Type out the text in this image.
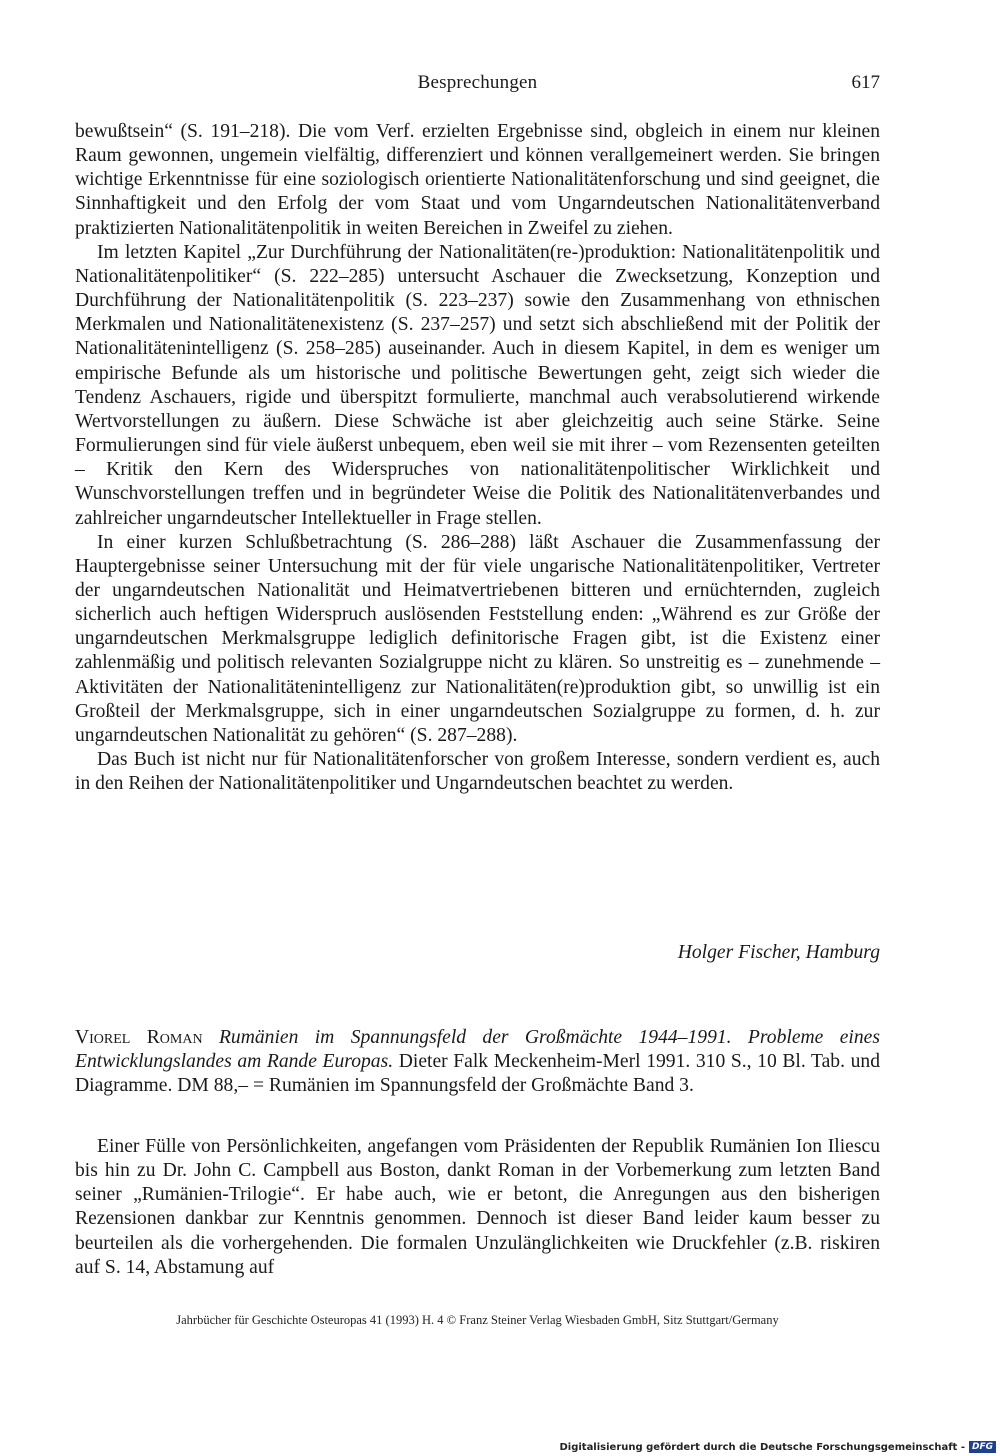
Besprechungen	617

bewußtsein“ (S. 191–218). Die vom Verf. erzielten Ergebnisse sind, obgleich in einem nur kleinen Raum gewonnen, ungemein vielfältig, differenziert und können verallgemeinert werden. Sie bringen wichtige Erkenntnisse für eine soziologisch orientierte Nationalitätenforschung und sind geeignet, die Sinnhaftigkeit und den Erfolg der vom Staat und vom Ungarndeutschen Nationalitätenverband praktizierten Nationalitätenpolitik in weiten Bereichen in Zweifel zu ziehen.

Im letzten Kapitel „Zur Durchführung der Nationalitäten(re-)produktion: Nationalitätenpolitik und Nationalitätenpolitiker“ (S. 222–285) untersucht Aschauer die Zwecksetzung, Konzeption und Durchführung der Nationalitätenpolitik (S. 223–237) sowie den Zusammenhang von ethnischen Merkmalen und Nationalitätenexistenz (S. 237–257) und setzt sich abschließend mit der Politik der Nationalitätenintelligenz (S. 258–285) auseinander. Auch in diesem Kapitel, in dem es weniger um empirische Befunde als um historische und politische Bewertungen geht, zeigt sich wieder die Tendenz Aschauers, rigide und überspitzt formulierte, manchmal auch verabsolutierend wirkende Wertvorstellungen zu äußern. Diese Schwäche ist aber gleichzeitig auch seine Stärke. Seine Formulierungen sind für viele äußerst unbequem, eben weil sie mit ihrer – vom Rezensenten geteilten – Kritik den Kern des Widerspruches von nationalitätenpolitischer Wirklichkeit und Wunschvorstellungen treffen und in begründeter Weise die Politik des Nationalitätenverbandes und zahlreicher ungarndeutscher Intellektueller in Frage stellen.

In einer kurzen Schlußbetrachtung (S. 286–288) läßt Aschauer die Zusammenfassung der Hauptergebnisse seiner Untersuchung mit der für viele ungarische Nationalitätenpolitiker, Vertreter der ungarndeutschen Nationalität und Heimatvertriebenen bitteren und ernüchternden, zugleich sicherlich auch heftigen Widerspruch auslösenden Feststellung enden: „Während es zur Größe der ungarndeutschen Merkmalsgruppe lediglich definitorische Fragen gibt, ist die Existenz einer zahlenmäßig und politisch relevanten Sozialgruppe nicht zu klären. So unstreitig es – zunehmende – Aktivitäten der Nationalitätenintelligenz zur Nationalitäten(re)produktion gibt, so unwillig ist ein Großteil der Merkmalsgruppe, sich in einer ungarndeutschen Sozialgruppe zu formen, d. h. zur ungarndeutschen Nationalität zu gehören“ (S. 287–288).

Das Buch ist nicht nur für Nationalitätenforscher von großem Interesse, sondern verdient es, auch in den Reihen der Nationalitätenpolitiker und Ungarndeutschen beachtet zu werden.

Holger Fischer, Hamburg
Viorel Roman Rumänien im Spannungsfeld der Großmächte 1944–1991. Probleme eines Entwicklungslandes am Rande Europas. Dieter Falk Meckenheim-Merl 1991. 310 S., 10 Bl. Tab. und Diagramme. DM 88,– = Rumänien im Spannungsfeld der Großmächte Band 3.

Einer Fülle von Persönlichkeiten, angefangen vom Präsidenten der Republik Rumänien Ion Iliescu bis hin zu Dr. John C. Campbell aus Boston, dankt Roman in der Vorbemerkung zum letzten Band seiner „Rumänien-Trilogie“. Er habe auch, wie er betont, die Anregungen aus den bisherigen Rezensionen dankbar zur Kenntnis genommen. Dennoch ist dieser Band leider kaum besser zu beurteilen als die vorhergehenden. Die formalen Unzulänglichkeiten wie Druckfehler (z.B. riskiren auf S. 14, Abstamung auf

Jahrbücher für Geschichte Osteuropas 41 (1993) H. 4 © Franz Steiner Verlag Wiesbaden GmbH, Sitz Stuttgart/Germany
Digitalisierung gefördert durch die Deutsche Forschungsgemeinschaft - DFG
